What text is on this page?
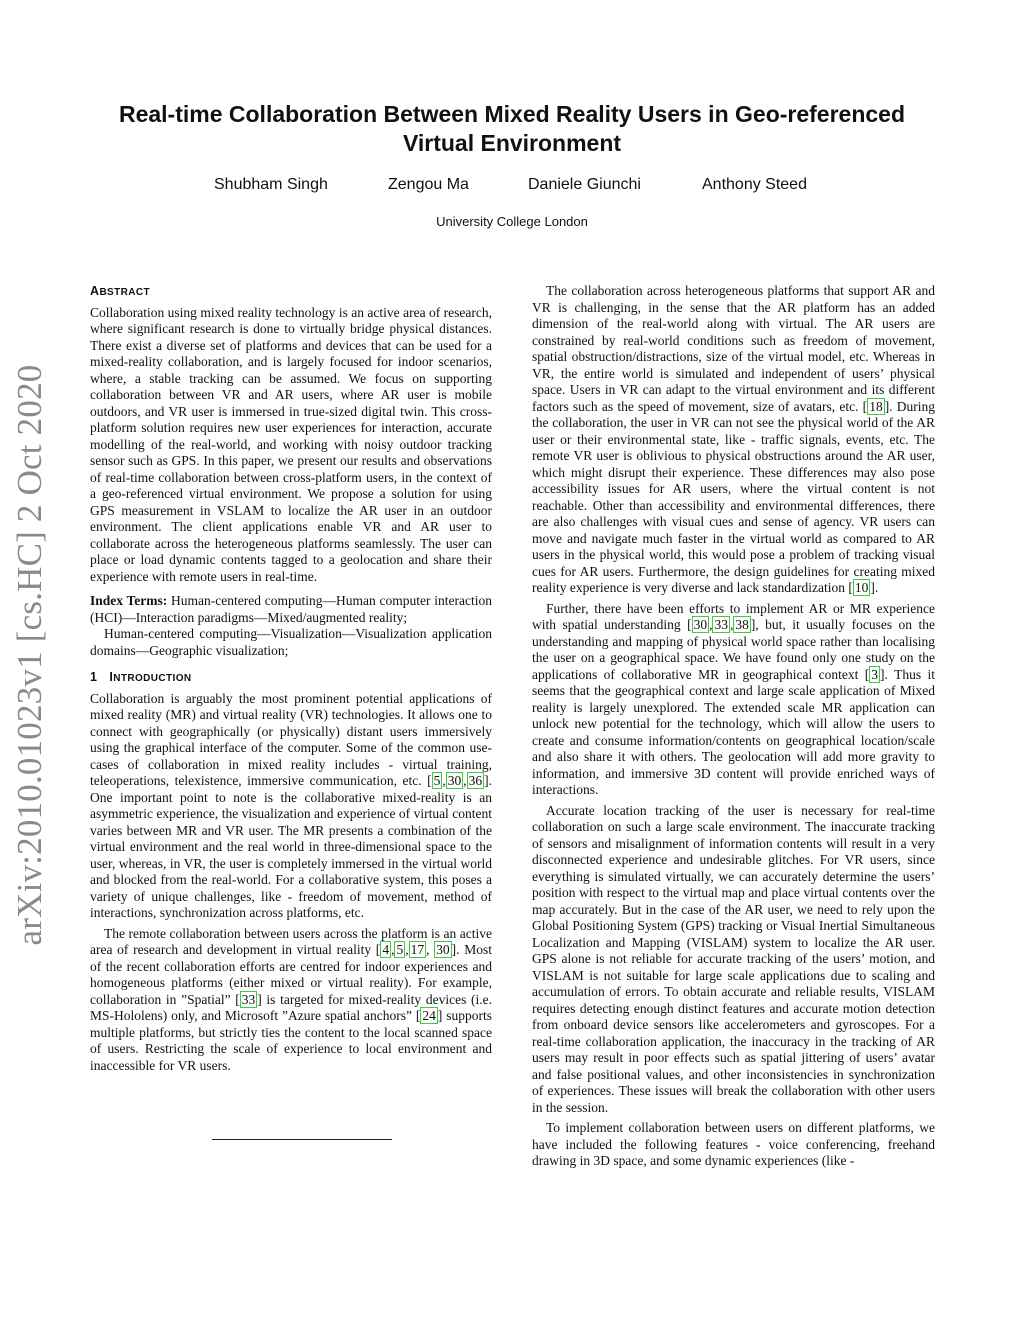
arXiv:2010.01023v1 [cs.HC] 2 Oct 2020
Real-time Collaboration Between Mixed Reality Users in Geo-referenced Virtual Environment
Shubham Singh	Zengou Ma	Daniele Giunchi	Anthony Steed
University College London
ABSTRACT

Collaboration using mixed reality technology is an active area of research, where significant research is done to virtually bridge physical distances. There exist a diverse set of platforms and devices that can be used for a mixed-reality collaboration, and is largely focused for indoor scenarios, where, a stable tracking can be assumed. We focus on supporting collaboration between VR and AR users, where AR user is mobile outdoors, and VR user is immersed in true-sized digital twin. This cross-platform solution requires new user experiences for interaction, accurate modelling of the real-world, and working with noisy outdoor tracking sensor such as GPS. In this paper, we present our results and observations of real-time collaboration between cross-platform users, in the context of a geo-referenced virtual environment. We propose a solution for using GPS measurement in VSLAM to localize the AR user in an outdoor environment. The client applications enable VR and AR user to collaborate across the heterogeneous platforms seamlessly. The user can place or load dynamic contents tagged to a geolocation and share their experience with remote users in real-time.

Index Terms: Human-centered computing—Human computer interaction (HCI)—Interaction paradigms—Mixed/augmented reality;

Human-centered computing—Visualization—Visualization application domains—Geographic visualization;

1 INTRODUCTION

Collaboration is arguably the most prominent potential applications of mixed reality (MR) and virtual reality (VR) technologies. It allows one to connect with geographically (or physically) distant users immersively using the graphical interface of the computer. Some of the common use-cases of collaboration in mixed reality includes - virtual training, teleoperations, telexistence, immersive communication, etc. [ 5 , 30 , 36 ]. One important point to note is the collaborative mixed-reality is an asymmetric experience, the visualization and experience of virtual content varies between MR and VR user. The MR presents a combination of the virtual environment and the real world in three-dimensional space to the user, whereas, in VR, the user is completely immersed in the virtual world and blocked from the real-world. For a collaborative system, this poses a variety of unique challenges, like - freedom of movement, method of interactions, synchronization across platforms, etc.

The remote collaboration between users across the platform is an active area of research and development in virtual reality [ 4 , 5 , 17 , 30 ]. Most of the recent collaboration efforts are centred for indoor experiences and homogeneous platforms (either mixed or virtual reality). For example, collaboration in ”Spatial” [ 33 ] is targeted for mixed-reality devices (i.e. MS-Hololens) only, and Microsoft ”Azure spatial anchors” [ 24 ] supports multiple platforms, but strictly ties the content to the local scanned space of users. Restricting the scale of experience to local environment and inaccessible for VR users.

The collaboration across heterogeneous platforms that support AR and VR is challenging, in the sense that the AR platform has an added dimension of the real-world along with virtual. The AR users are constrained by real-world conditions such as freedom of movement, spatial obstruction/distractions, size of the virtual model, etc. Whereas in VR, the entire world is simulated and independent of users’ physical space. Users in VR can adapt to the virtual environment and its different factors such as the speed of movement, size of avatars, etc. [ 18 ]. During the collaboration, the user in VR can not see the physical world of the AR user or their environmental state, like - traffic signals, events, etc. The remote VR user is oblivious to physical obstructions around the AR user, which might disrupt their experience. These differences may also pose accessibility issues for AR users, where the virtual content is not reachable. Other than accessibility and environmental differences, there are also challenges with visual cues and sense of agency. VR users can move and navigate much faster in the virtual world as compared to AR users in the physical world, this would pose a problem of tracking visual cues for AR users. Furthermore, the design guidelines for creating mixed reality experience is very diverse and lack standardization [ 10 ].

Further, there have been efforts to implement AR or MR experience with spatial understanding [ 30 , 33 , 38 ], but, it usually focuses on the understanding and mapping of physical world space rather than localising the user on a geographical space. We have found only one study on the applications of collaborative MR in geographical context [ 3 ]. Thus it seems that the geographical context and large scale application of Mixed reality is largely unexplored. The extended scale MR application can unlock new potential for the technology, which will allow the users to create and consume information/contents on geographical location/scale and also share it with others. The geolocation will add more gravity to information, and immersive 3D content will provide enriched ways of interactions.

Accurate location tracking of the user is necessary for real-time collaboration on such a large scale environment. The inaccurate tracking of sensors and misalignment of information contents will result in a very disconnected experience and undesirable glitches. For VR users, since everything is simulated virtually, we can accurately determine the users’ position with respect to the virtual map and place virtual contents over the map accurately. But in the case of the AR user, we need to rely upon the Global Positioning System (GPS) tracking or Visual Inertial Simultaneous Localization and Mapping (VISLAM) system to localize the AR user. GPS alone is not reliable for accurate tracking of the users’ motion, and VISLAM is not suitable for large scale applications due to scaling and accumulation of errors. To obtain accurate and reliable results, VISLAM requires detecting enough distinct features and accurate motion detection from onboard device sensors like accelerometers and gyroscopes. For a real-time collaboration application, the inaccuracy in the tracking of AR users may result in poor effects such as spatial jittering of users’ avatar and false positional values, and other inconsistencies in synchronization of experiences. These issues will break the collaboration with other users in the session.

To implement collaboration between users on different platforms, we have included the following features - voice conferencing, freehand drawing in 3D space, and some dynamic experiences (like -
